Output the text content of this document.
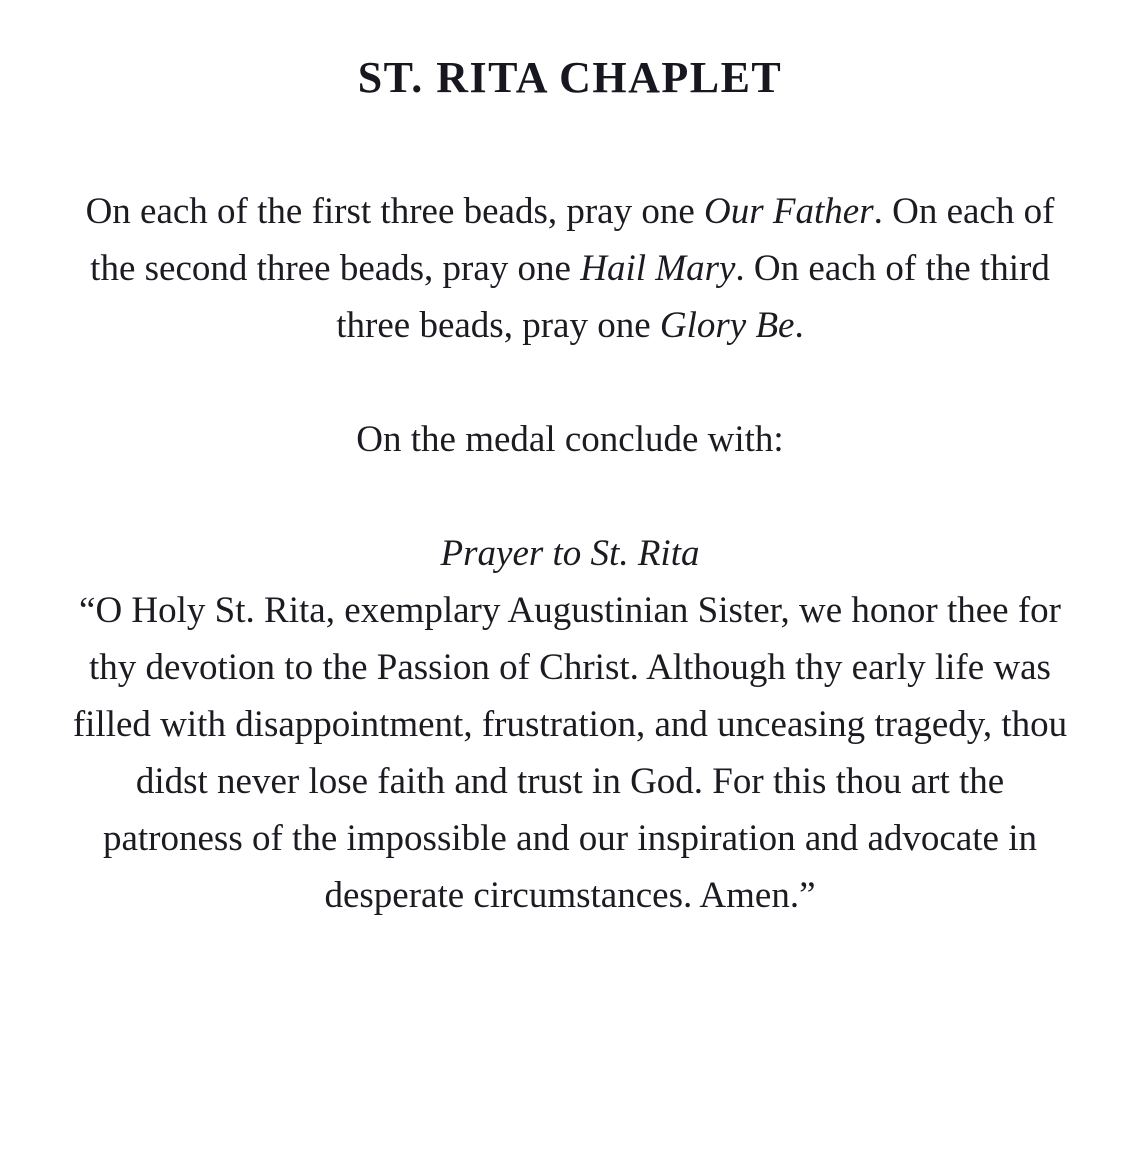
ST. RITA CHAPLET

On each of the first three beads, pray one Our Father. On each of the second three beads, pray one Hail Mary. On each of the third three beads, pray one Glory Be.

On the medal conclude with:

Prayer to St. Rita

“O Holy St. Rita, exemplary Augustinian Sister, we honor thee for thy devotion to the Passion of Christ. Although thy early life was filled with disappointment, frustration, and unceasing tragedy, thou didst never lose faith and trust in God. For this thou art the patroness of the impossible and our inspiration and advocate in desperate circumstances. Amen.”
